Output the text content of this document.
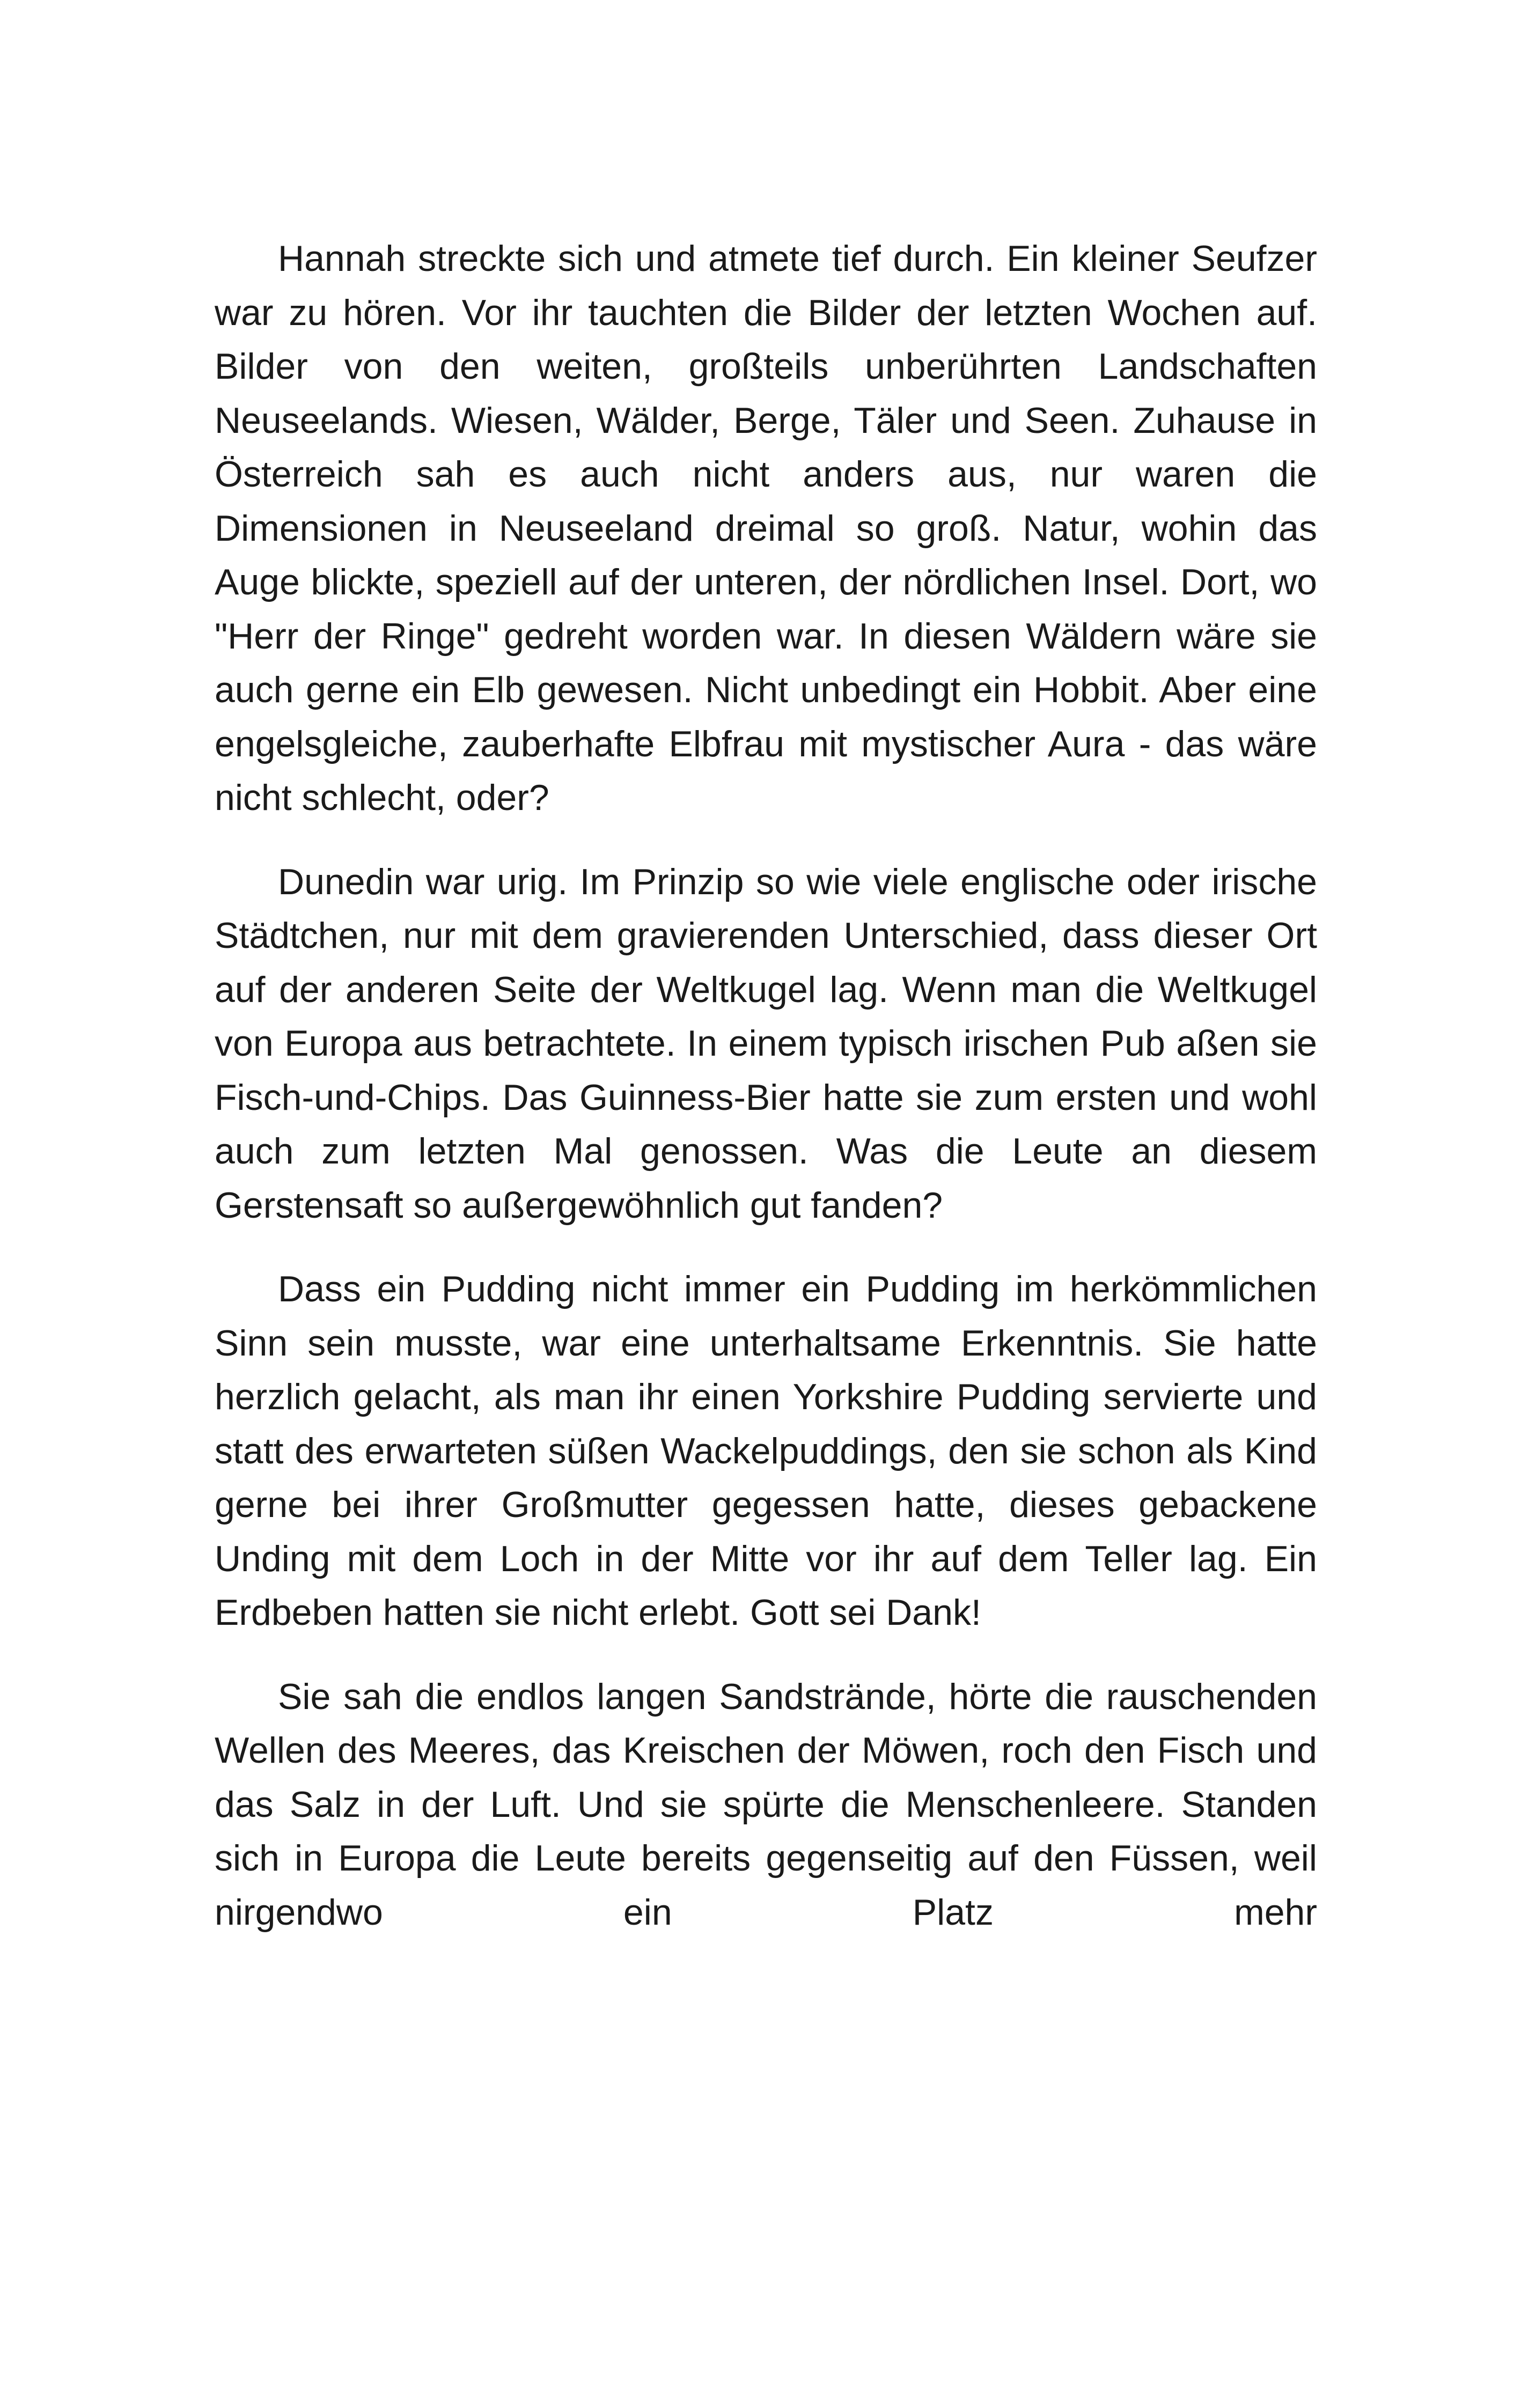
Hannah streckte sich und atmete tief durch. Ein kleiner Seufzer war zu hören. Vor ihr tauchten die Bilder der letzten Wochen auf. Bilder von den weiten, großteils unberührten Landschaften Neuseelands. Wiesen, Wälder, Berge, Täler und Seen. Zuhause in Österreich sah es auch nicht anders aus, nur waren die Dimensionen in Neuseeland dreimal so groß. Natur, wohin das Auge blickte, speziell auf der unteren, der nördlichen Insel. Dort, wo "Herr der Ringe" gedreht worden war. In diesen Wäldern wäre sie auch gerne ein Elb gewesen. Nicht unbedingt ein Hobbit. Aber eine engelsgleiche, zauberhafte Elbfrau mit mystischer Aura - das wäre nicht schlecht, oder?

Dunedin war urig. Im Prinzip so wie viele englische oder irische Städtchen, nur mit dem gravierenden Unterschied, dass dieser Ort auf der anderen Seite der Weltkugel lag. Wenn man die Weltkugel von Europa aus betrachtete. In einem typisch irischen Pub aßen sie Fisch-und-Chips. Das Guinness-Bier hatte sie zum ersten und wohl auch zum letzten Mal genossen. Was die Leute an diesem Gerstensaft so außergewöhnlich gut fanden?

Dass ein Pudding nicht immer ein Pudding im herkömmlichen Sinn sein musste, war eine unterhaltsame Erkenntnis. Sie hatte herzlich gelacht, als man ihr einen Yorkshire Pudding servierte und statt des erwarteten süßen Wackelpuddings, den sie schon als Kind gerne bei ihrer Großmutter gegessen hatte, dieses gebackene Unding mit dem Loch in der Mitte vor ihr auf dem Teller lag. Ein Erdbeben hatten sie nicht erlebt. Gott sei Dank!

Sie sah die endlos langen Sandstrände, hörte die rauschenden Wellen des Meeres, das Kreischen der Möwen, roch den Fisch und das Salz in der Luft. Und sie spürte die Menschenleere. Standen sich in Europa die Leute bereits gegenseitig auf den Füssen, weil nirgendwo ein Platz mehr
